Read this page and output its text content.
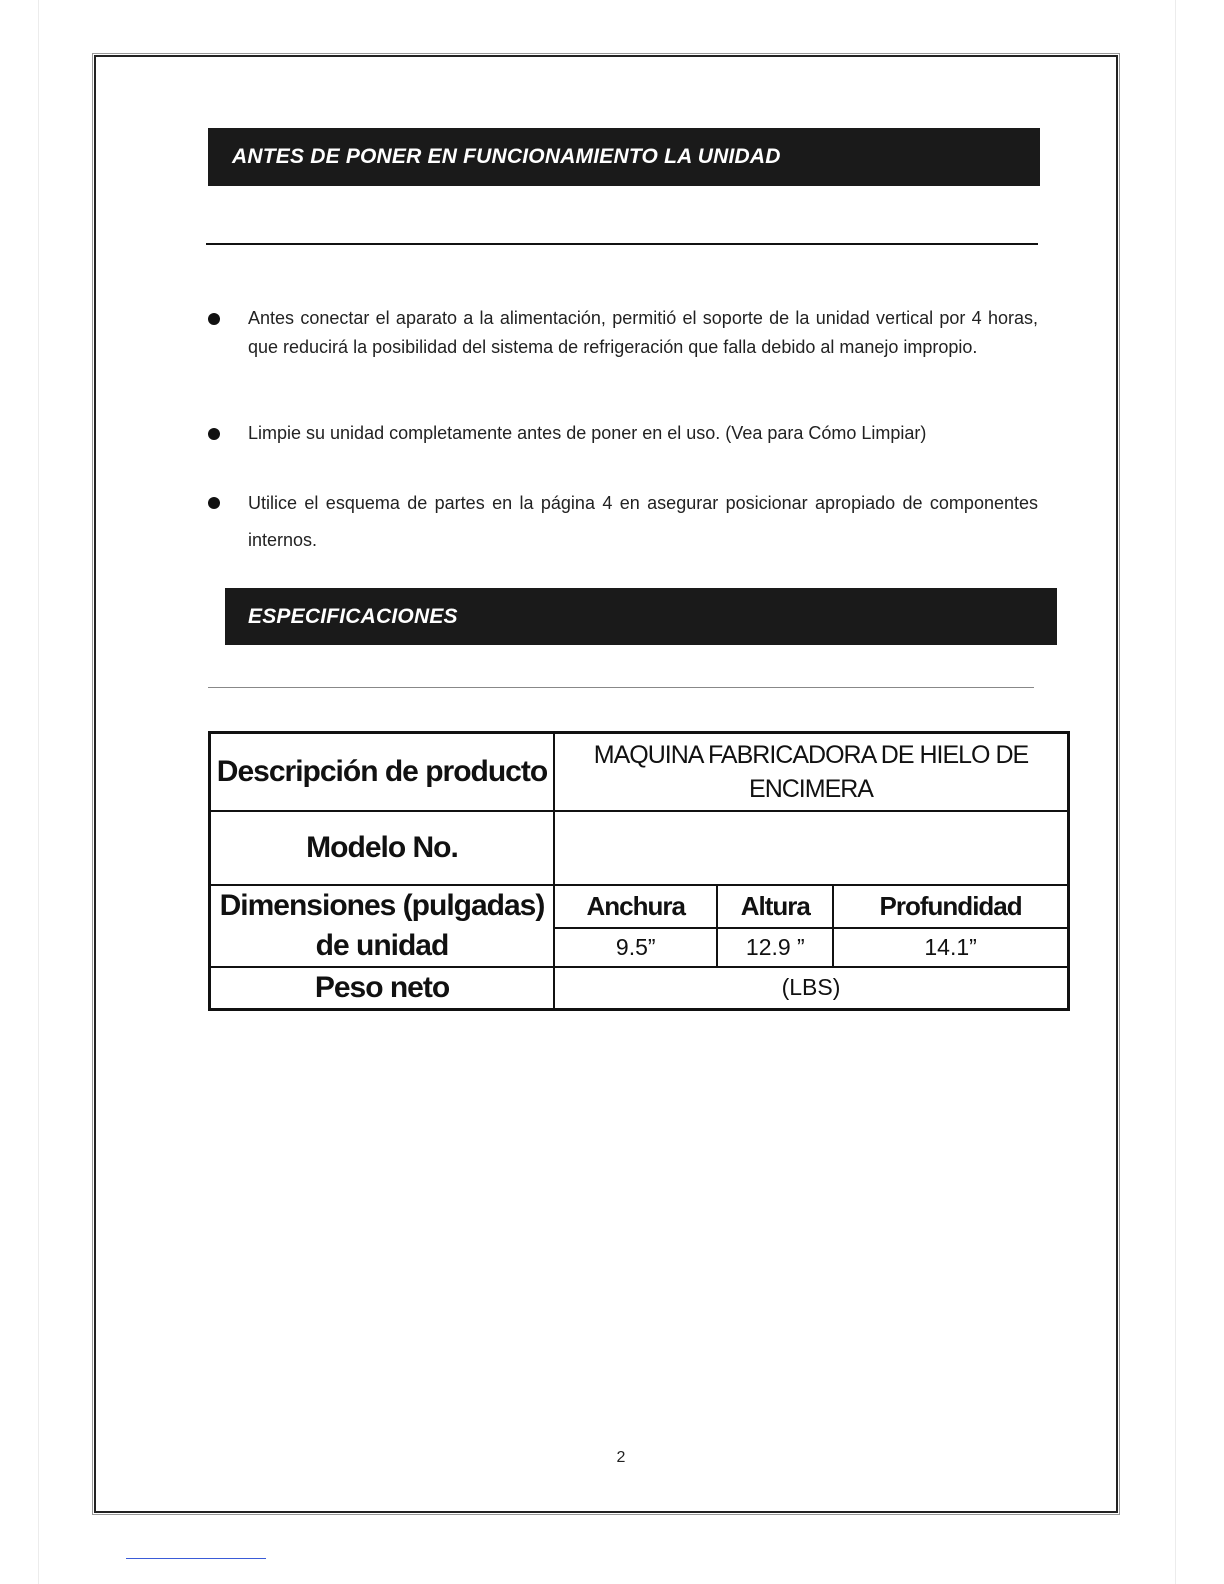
ANTES DE PONER EN FUNCIONAMIENTO LA UNIDAD
Antes conectar el aparato a la alimentación, permitió el soporte de la unidad vertical por 4 horas, que reducirá la posibilidad del sistema de refrigeración que falla debido al manejo impropio.
Limpie su unidad completamente antes de poner en el uso. (Vea para Cómo Limpiar)
Utilice el esquema de partes en la página 4 en asegurar posicionar apropiado de componentes internos.
ESPECIFICACIONES
Descripción de producto	MAQUINA FABRICADORA DE HIELO DE ENCIMERA		
Modelo No.			
Dimensiones (pulgadas) de unidad	Anchura	Altura	Profundidad
	9.5”	12.9 ”	14.1”
Peso neto	(LBS)		
2
